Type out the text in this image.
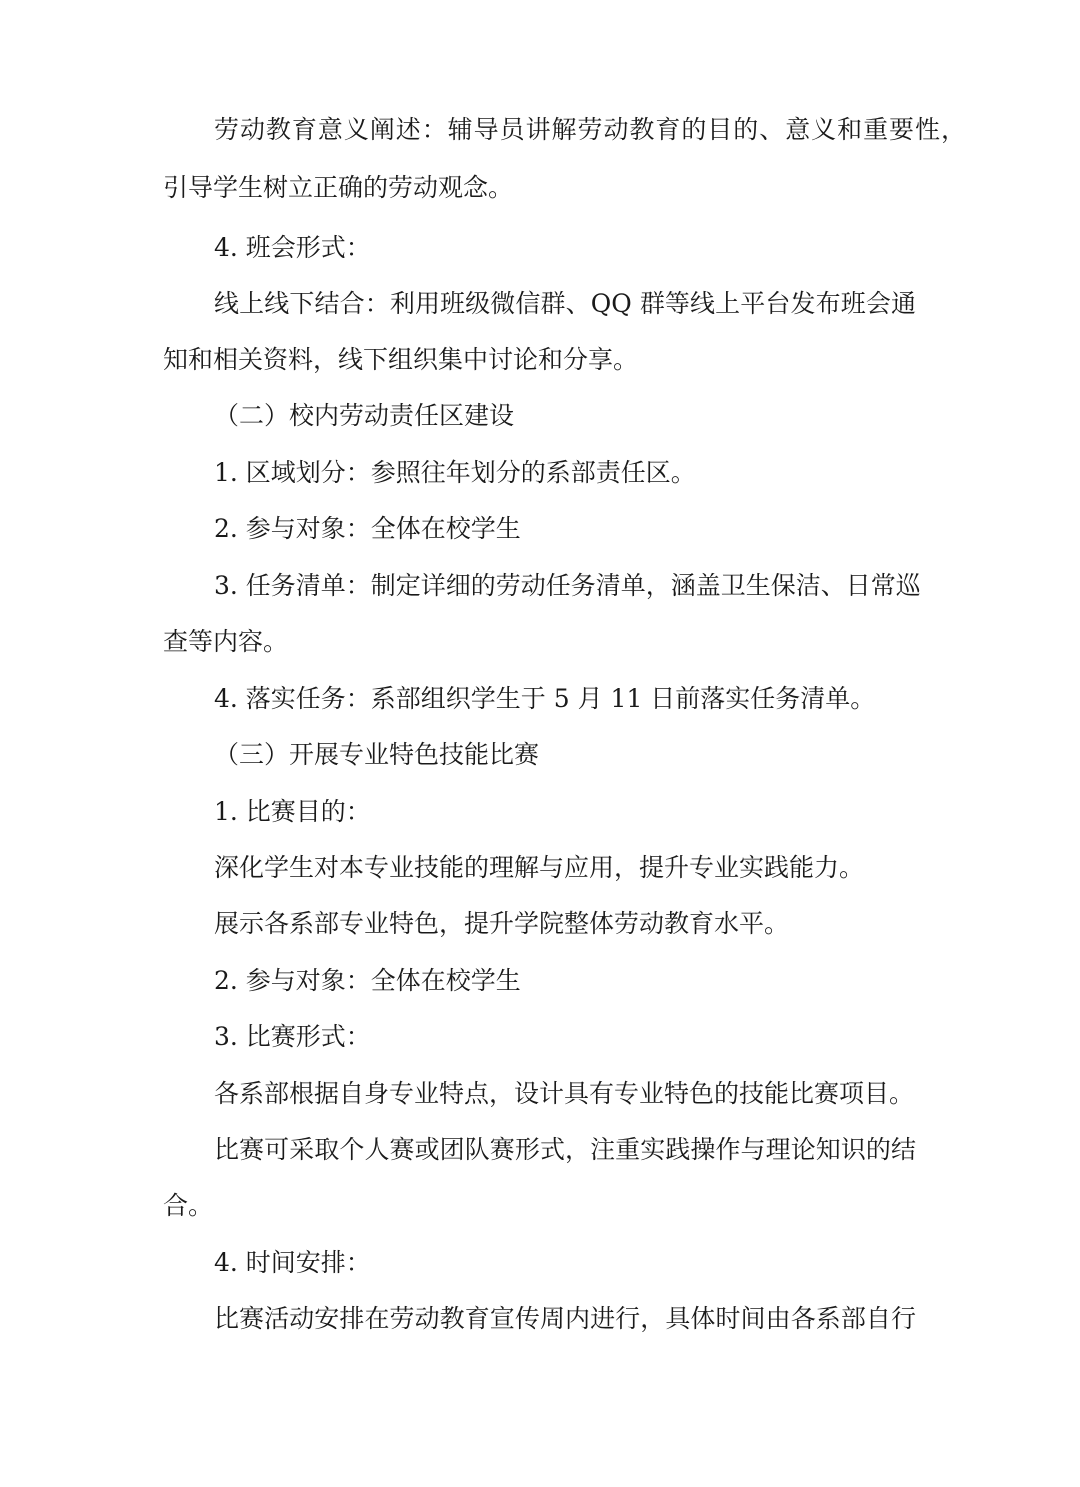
劳动教育意义阐述：辅导员讲解劳动教育的目的、意义和重要性，
引导学生树立正确的劳动观念。
4. 班会形式：
线上线下结合：利用班级微信群、QQ 群等线上平台发布班会通
知和相关资料，线下组织集中讨论和分享。
（二）校内劳动责任区建设
1. 区域划分：参照往年划分的系部责任区。
2. 参与对象：全体在校学生
3. 任务清单：制定详细的劳动任务清单，涵盖卫生保洁、日常巡
查等内容。
4. 落实任务：系部组织学生于 5 月 11 日前落实任务清单。
（三）开展专业特色技能比赛
1. 比赛目的：
深化学生对本专业技能的理解与应用，提升专业实践能力。
展示各系部专业特色，提升学院整体劳动教育水平。
2. 参与对象：全体在校学生
3. 比赛形式：
各系部根据自身专业特点，设计具有专业特色的技能比赛项目。
比赛可采取个人赛或团队赛形式，注重实践操作与理论知识的结
合。
4. 时间安排：
比赛活动安排在劳动教育宣传周内进行，具体时间由各系部自行
